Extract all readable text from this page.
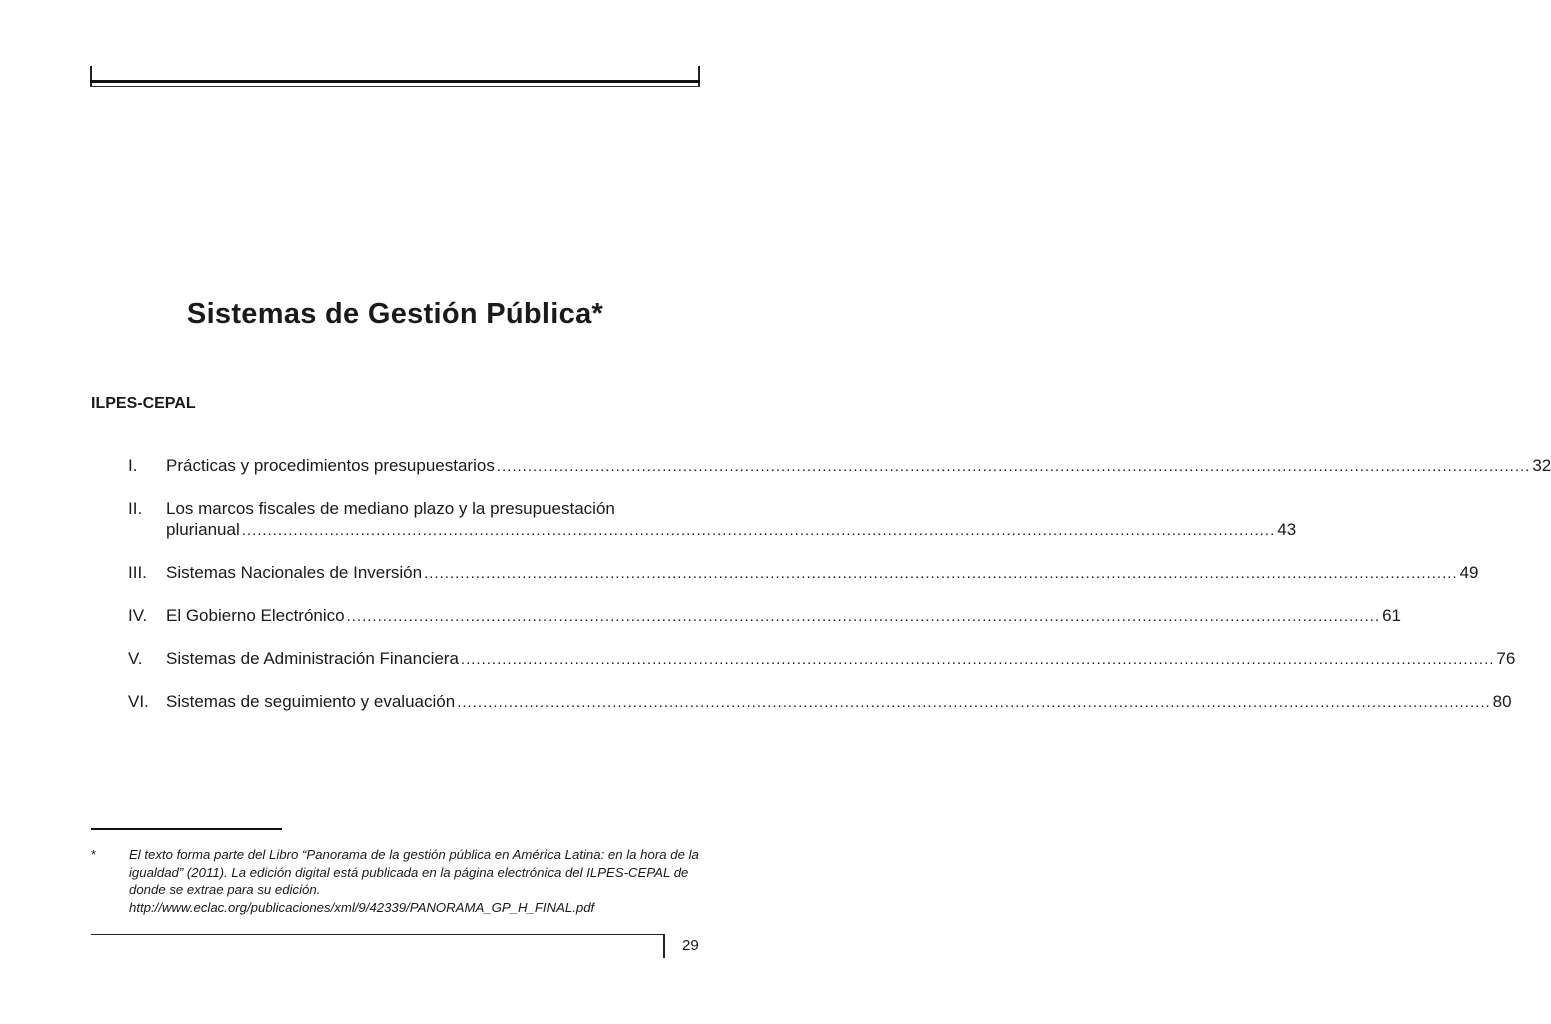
Sistemas de Gestión Pública*

ILPES-CEPAL

I.	Prácticas y procedimientos presupuestarios ........................................................................................................................................................................................................ 32
II.	Los marcos fiscales de mediano plazo y la presupuestación
plurianual ........................................................................................................................................................................................................ 43
III.	Sistemas Nacionales de Inversión ........................................................................................................................................................................................................ 49
IV.	El Gobierno Electrónico ........................................................................................................................................................................................................ 61
V.	Sistemas de Administración Financiera ........................................................................................................................................................................................................ 76
VI.	Sistemas de seguimiento y evaluación ........................................................................................................................................................................................................ 80
*	El texto forma parte del Libro “Panorama de la gestión pública en América Latina: en la hora de la igualdad” (2011). La edición digital está publicada en la página electrónica del ILPES-CEPAL de donde se extrae para su edición.
http://www.eclac.org/publicaciones/xml/9/42339/PANORAMA_GP_H_FINAL.pdf
29
